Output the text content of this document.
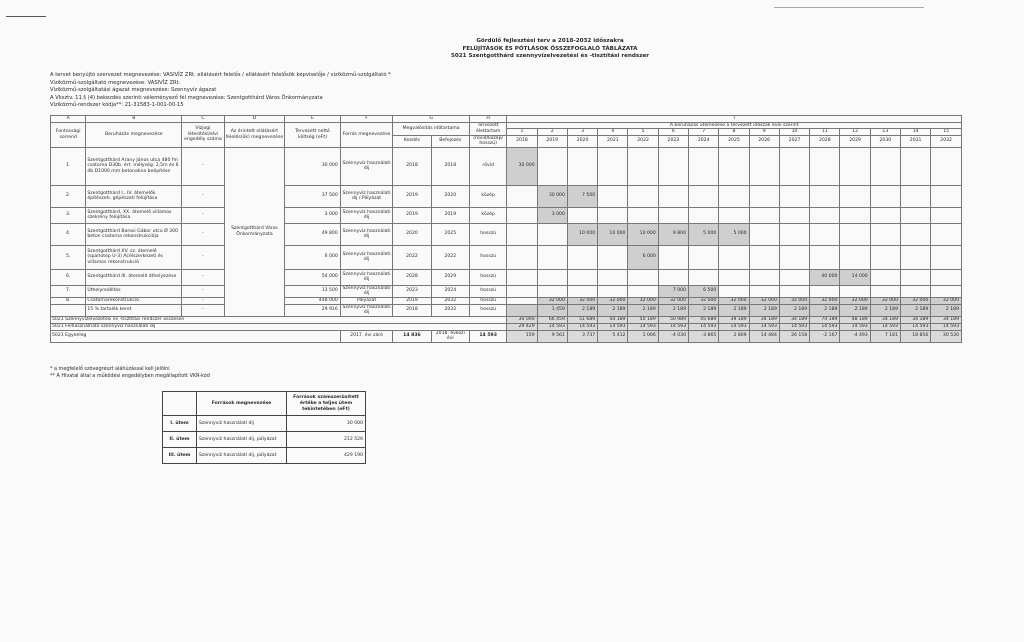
Gördülő fejlesztési terv a 2018-2032 időszakra
FELÚJÍTÁSOK ÉS PÓTLÁSOK ÖSSZEFOGLALÓ TÁBLÁZATA
5021 Szentgotthárd szennyvízelvezetési és -tisztítási rendszer
A tervet benyújtó szervezet megnevezése: VASIVÍZ ZRt. ellátásért felelős / ellátásért felelősök képviselője / víziközmű-szolgáltató *
Víziközmű-szolgáltató megnevezése: VASIVÍZ ZRt.
Víziközmű-szolgáltatási ágazat megnevezése: Szennyvíz ágazat
A Vksztv. 11.§ (4) bekezdés szerinti véleményező fél megnevezése: Szentgotthárd Város Önkormányzata
Víziközmű-rendszer kódja**: 21-31583-1-001-00-15
A	B	C	D	E	F	G		H	I														
Fontossági sorrend	Beruházás megnevezése	Vízjogi létesítési/elvi engedély száma	Az érintett ellátásért felelős(ök) megnevezése	Tervezett nettó költség (eFt)	Forrás megnevezése	Megvalósítás időtartama		Tervezett élettartam	A beruházás ütemezése a tervezett időszak évei szerint														
									1	2	3	4	5	6	7	8	9	10	11	12	13	14	15
						Kezdés	Befejezés	(rövid/közép/ hosszú)	2018	2019	2020	2021	2022	2023	2024	2025	2026	2027	2028	2029	2030	2031	2032
1.	Szentgotthárd Arany János utca 480 fm csatorna D30b. ért. mélység: 2,5m és 6 db D1000 mm betonakna beépítése	-	Szentgotthárd Város Önkormányzata	30 000	Szennyvíz használati díj	2018	2018	rövid	30 000														
2.	Szentgotthárd I., IV. átemelők építészeti, gépészeti felújítása	-		37 500	Szennyvíz használati díj / Pályázat	2019	2020	közép		30 000	7 500												
3.	Szentgotthárd, XX. átemelő villamos szekrény felújítása	-		3 000	Szennyvíz használati díj	2019	2019	közép		3 000													
4.	Szentgotthárd Barosi Gábor utca Ø 300 beton csatorna rekonstrukciója	-		49 800	Szennyvíz használati díj	2020	2025	hosszú			10 000	10 000	10 000	9 800	5 000	5 000							
5.	Szentgotthárd XV. sz. átemelő (sparlotep U-3) Acélszerkezeti és villamos rekonstrukció	-		6 000	Szennyvíz használati díj	2022	2022	hosszú					6 000										
6.	Szentgotthárd III. átemelő áthelyezése	-		54 000	Szennyvíz használati díj	2028	2029	hosszú											40 000	14 000			
7.	Úthelyreállítás	-		13 500	Szennyvíz használati díj	2023	2024	hosszú						7 000	6 500								
8.	Csatornarekonstrukció	-		448 000	Pályázat	2019	2032	hosszú		32 000	32 000	32 000	32 000	32 000	32 000	32 000	32 000	32 000	32 000	32 000	32 000	32 000	32 000
	15 % tartalék keret	-		29 916	Szennyvíz használati díj	2018	2032	hosszú		1 459	2 189	2 189	2 189	2 189	2 189	2 189	2 189	2 189	2 189	2 189	2 189	2 189	2 189
5021 Szennyvízelvezetési és -tisztítási rendszer összesen									30 000	66 459	51 689	44 189	50 189	50 989	45 689	39 189	34 189	34 189	74 189	48 189	34 189	34 189	34 189
5021 Felhasználható szennyvíz használati díj									29 429	14 593	14 593	14 593	14 593	14 593	14 593	14 593	14 593	14 593	14 593	14 593	14 593	14 593	14 593
5021 Egyenleg					2017. évi záró	14 836	2018. évközi évi	14 593	159	9 561	3 737	5 412	1 066	-4 030	-3 865	2 809	14 484	26 158	-2 167	-4 493	7 181	18 856	30 530
* a megfelelő szövegrészt aláhúzással kell jelölni
** A Hivatal által a működési engedélyben megállapított VKR-kód
	Források megnevezése	Források számszerűsített értéke a teljes ütem tekintetében (eFt)
I. ütem	Szennyvíz használati díj	30 000
II. ütem	Szennyvíz használati díj, pályázat	212 526
III. ütem	Szennyvíz használati díj, pályázat	429 190
